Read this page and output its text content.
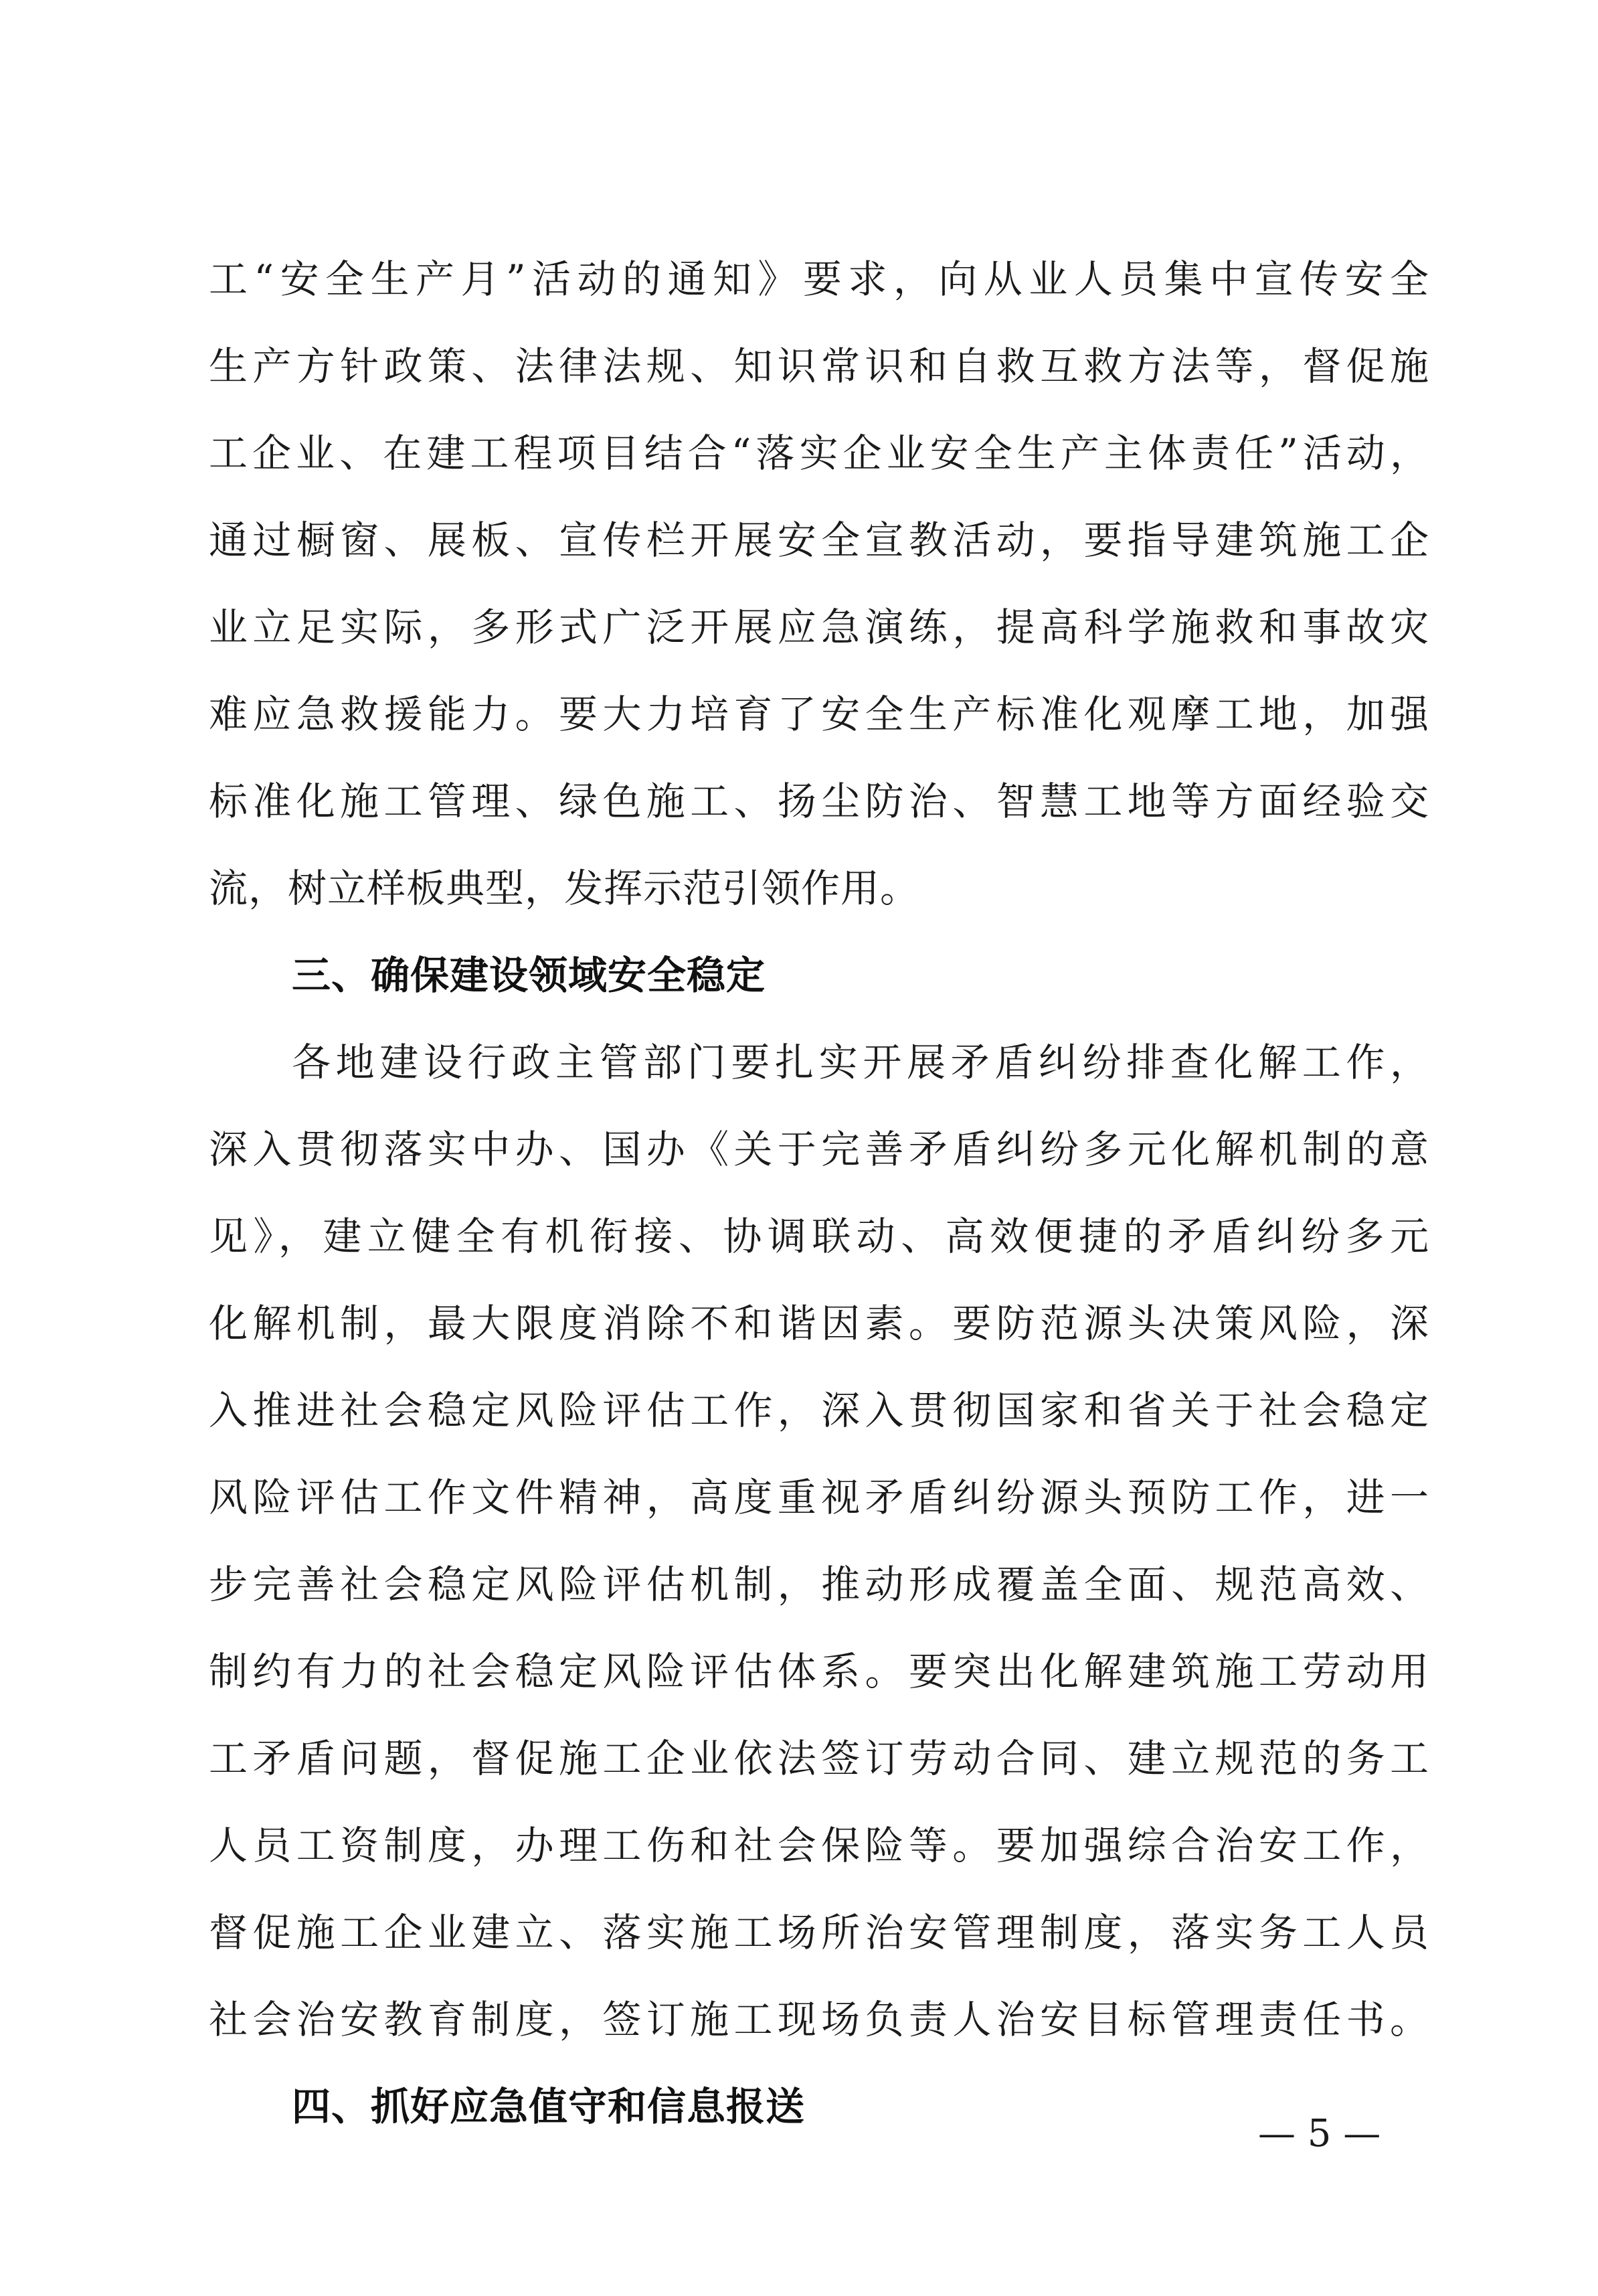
工“安全生产月”活动的通知》要求，向从业人员集中宣传安全
生产方针政策、法律法规、知识常识和自救互救方法等，督促施
工企业、在建工程项目结合“落实企业安全生产主体责任”活动，
通过橱窗、展板、宣传栏开展安全宣教活动，要指导建筑施工企
业立足实际，多形式广泛开展应急演练，提高科学施救和事故灾
难应急救援能力。要大力培育了安全生产标准化观摩工地，加强
标准化施工管理、绿色施工、扬尘防治、智慧工地等方面经验交
流，树立样板典型，发挥示范引领作用。
三、确保建设领域安全稳定
各地建设行政主管部门要扎实开展矛盾纠纷排查化解工作，
深入贯彻落实中办、国办《关于完善矛盾纠纷多元化解机制的意
见》，建立健全有机衔接、协调联动、高效便捷的矛盾纠纷多元
化解机制，最大限度消除不和谐因素。要防范源头决策风险，深
入推进社会稳定风险评估工作，深入贯彻国家和省关于社会稳定
风险评估工作文件精神，高度重视矛盾纠纷源头预防工作，进一
步完善社会稳定风险评估机制，推动形成覆盖全面、规范高效、
制约有力的社会稳定风险评估体系。要突出化解建筑施工劳动用
工矛盾问题，督促施工企业依法签订劳动合同、建立规范的务工
人员工资制度，办理工伤和社会保险等。要加强综合治安工作，
督促施工企业建立、落实施工场所治安管理制度，落实务工人员
社会治安教育制度，签订施工现场负责人治安目标管理责任书。
四、抓好应急值守和信息报送
— 5 —
